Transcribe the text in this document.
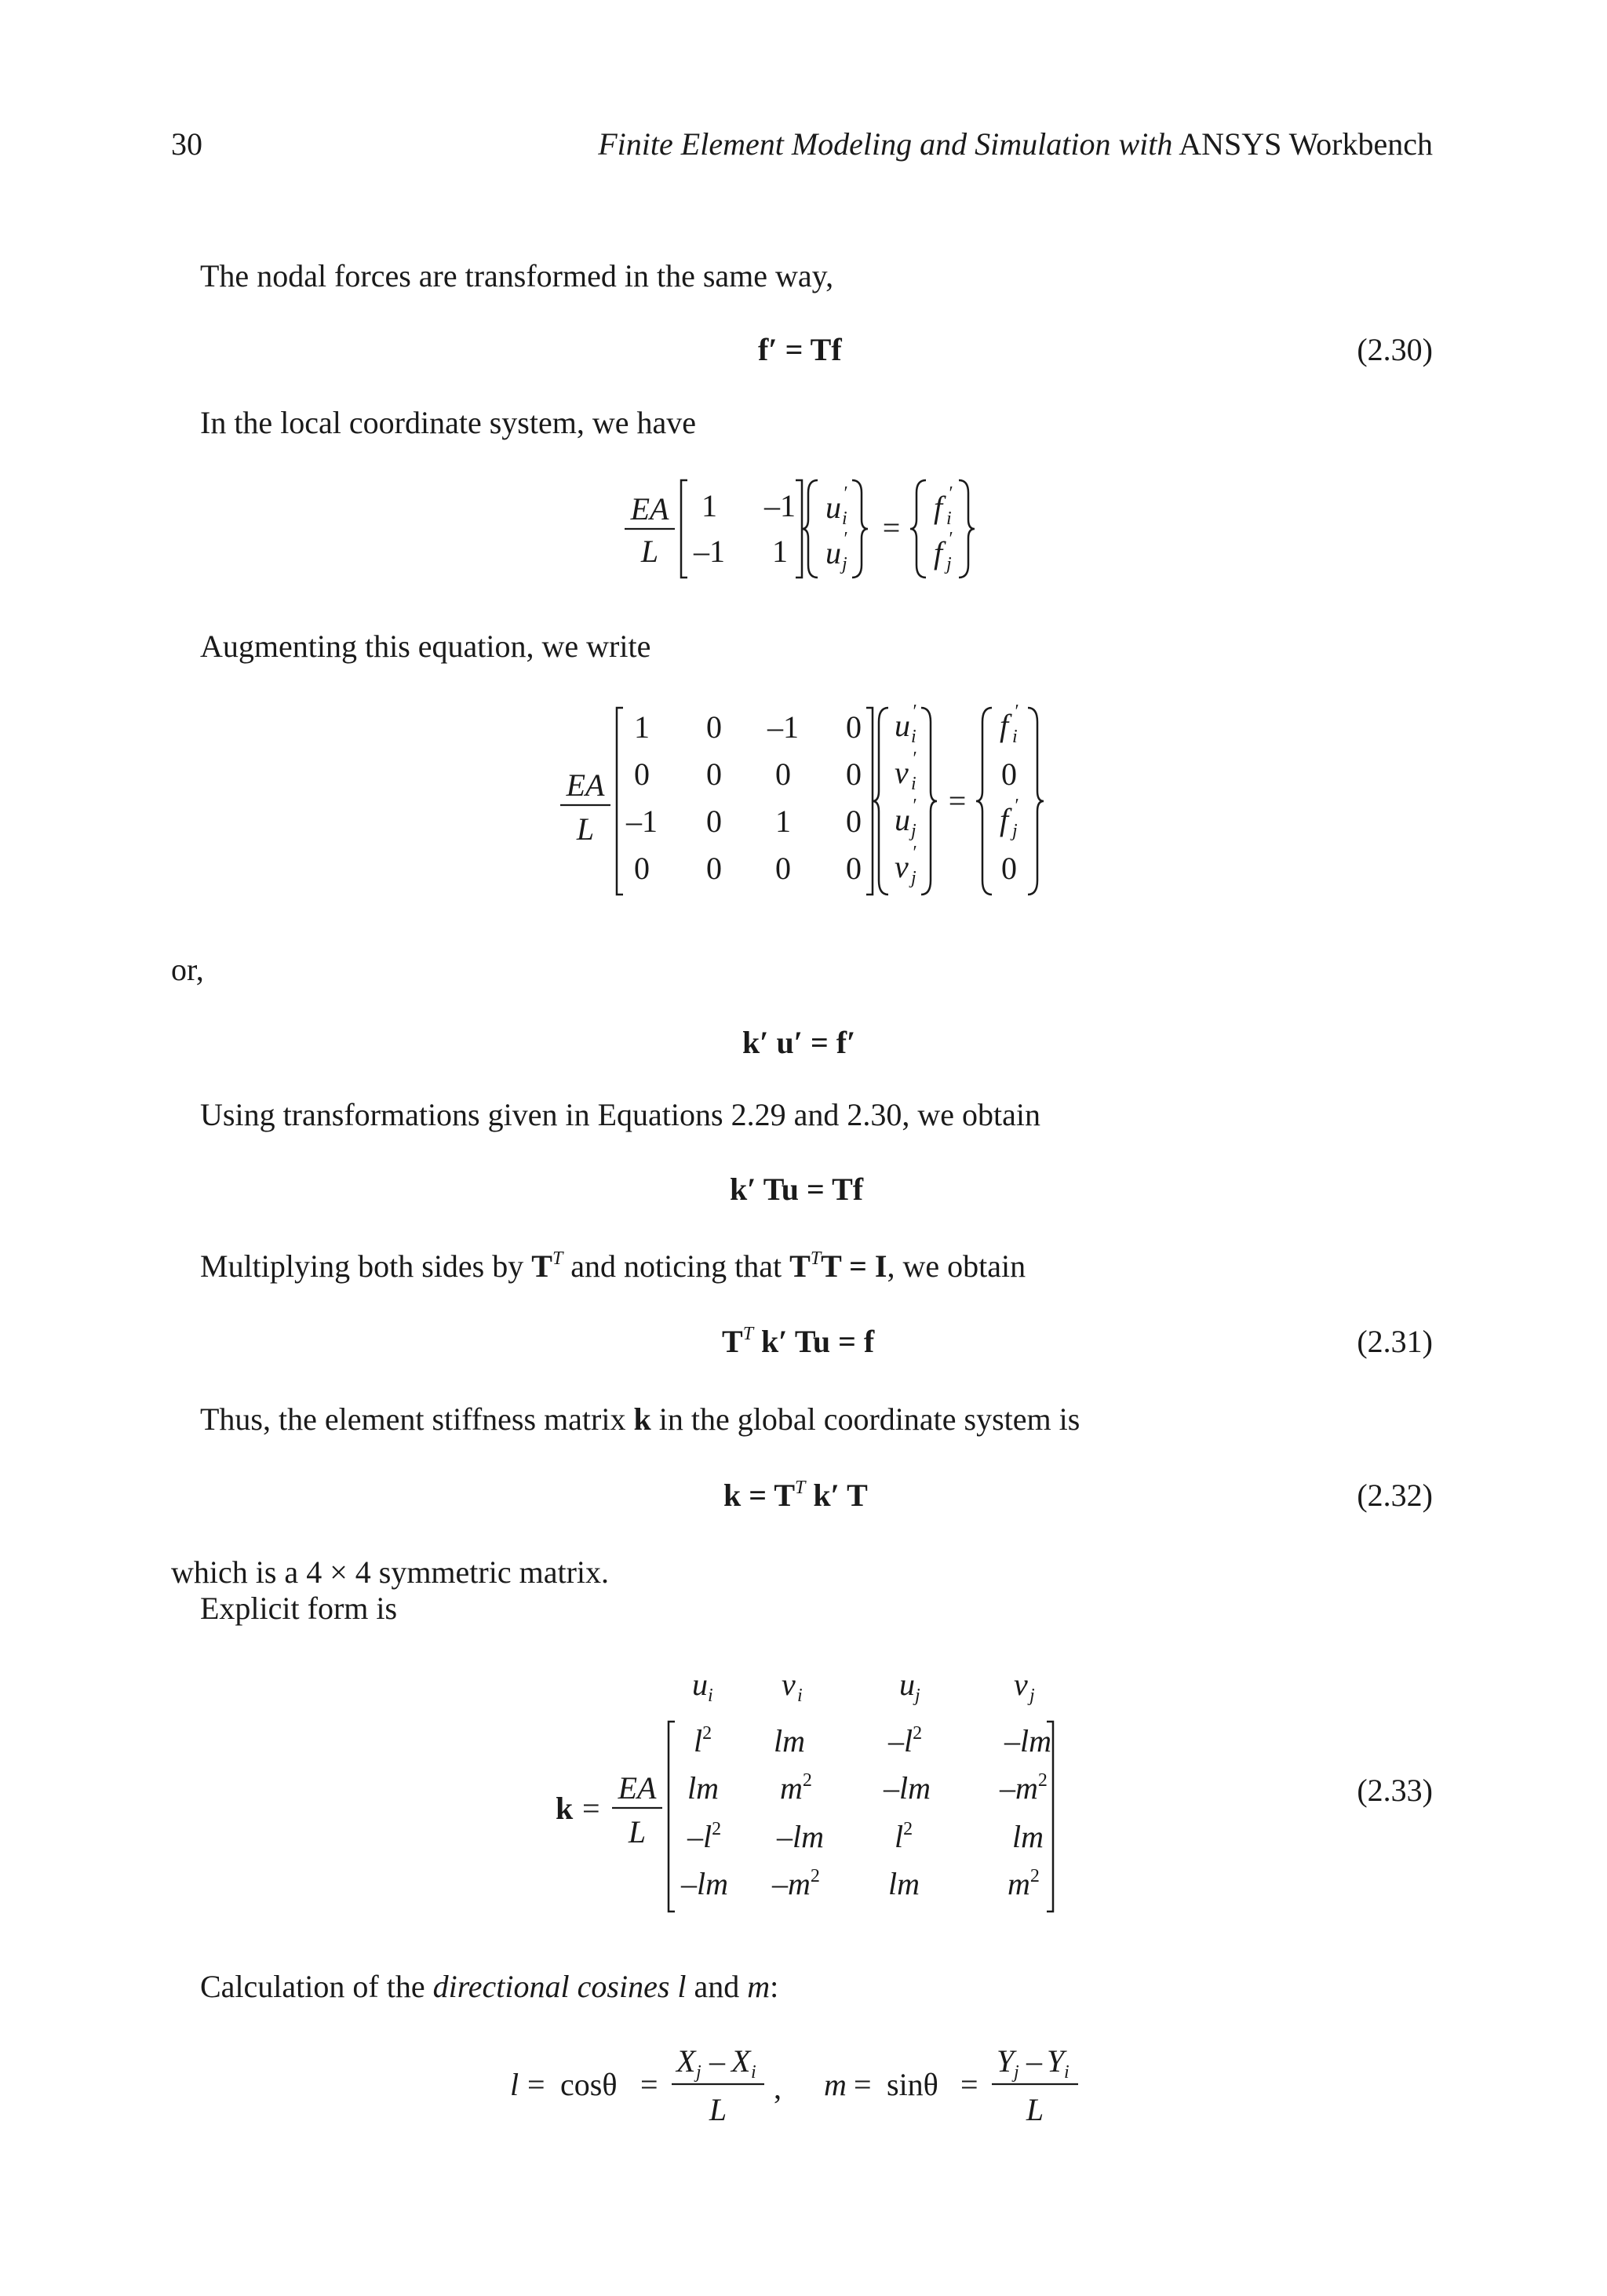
30	Finite Element Modeling and Simulation with ANSYS Workbench
The nodal forces are transformed in the same way,
f′ = Tf	(2.30)
In the local coordinate system, we have
EA
L
1 –1
–1 1
u i
′
u j
′ =
f i
′
f j
′
Augmenting this equation, we write
EA
L
1 0 –1 0
0 0 0 0
–1 0 1 0
0 0 0 0
u i
′
v i
′
u j
′
v j
′
=
f i
′
0
f j
′
0
or,
k′ u′ = f′
Using transformations given in Equations 2.29 and 2.30, we obtain
k′ Tu = Tf
Multiplying both sides by $T^T$ and noticing that $T^TT = I$, we obtain
$T^T$ k′ Tu = f	(2.31)
Thus, the element stiffness matrix k in the global coordinate system is
$k = T^T$ k′ T	(2.32)
which is a 4 × 4 symmetric matrix.
Explicit form is
u i v i	u j	v j
k =
EA
L
$l^2$ lm	$-l^2$	–lm
lm $m^2$ –lm $-m^2$
$-l^2$ –lm $l^2$	lm
–lm $-m^2$ lm	$m^2$
(2.33)
Calculation of the directional cosines l and m:
l = cosθ =
X j – X i
L
, m = sinθ =
Y j – Y i
L
